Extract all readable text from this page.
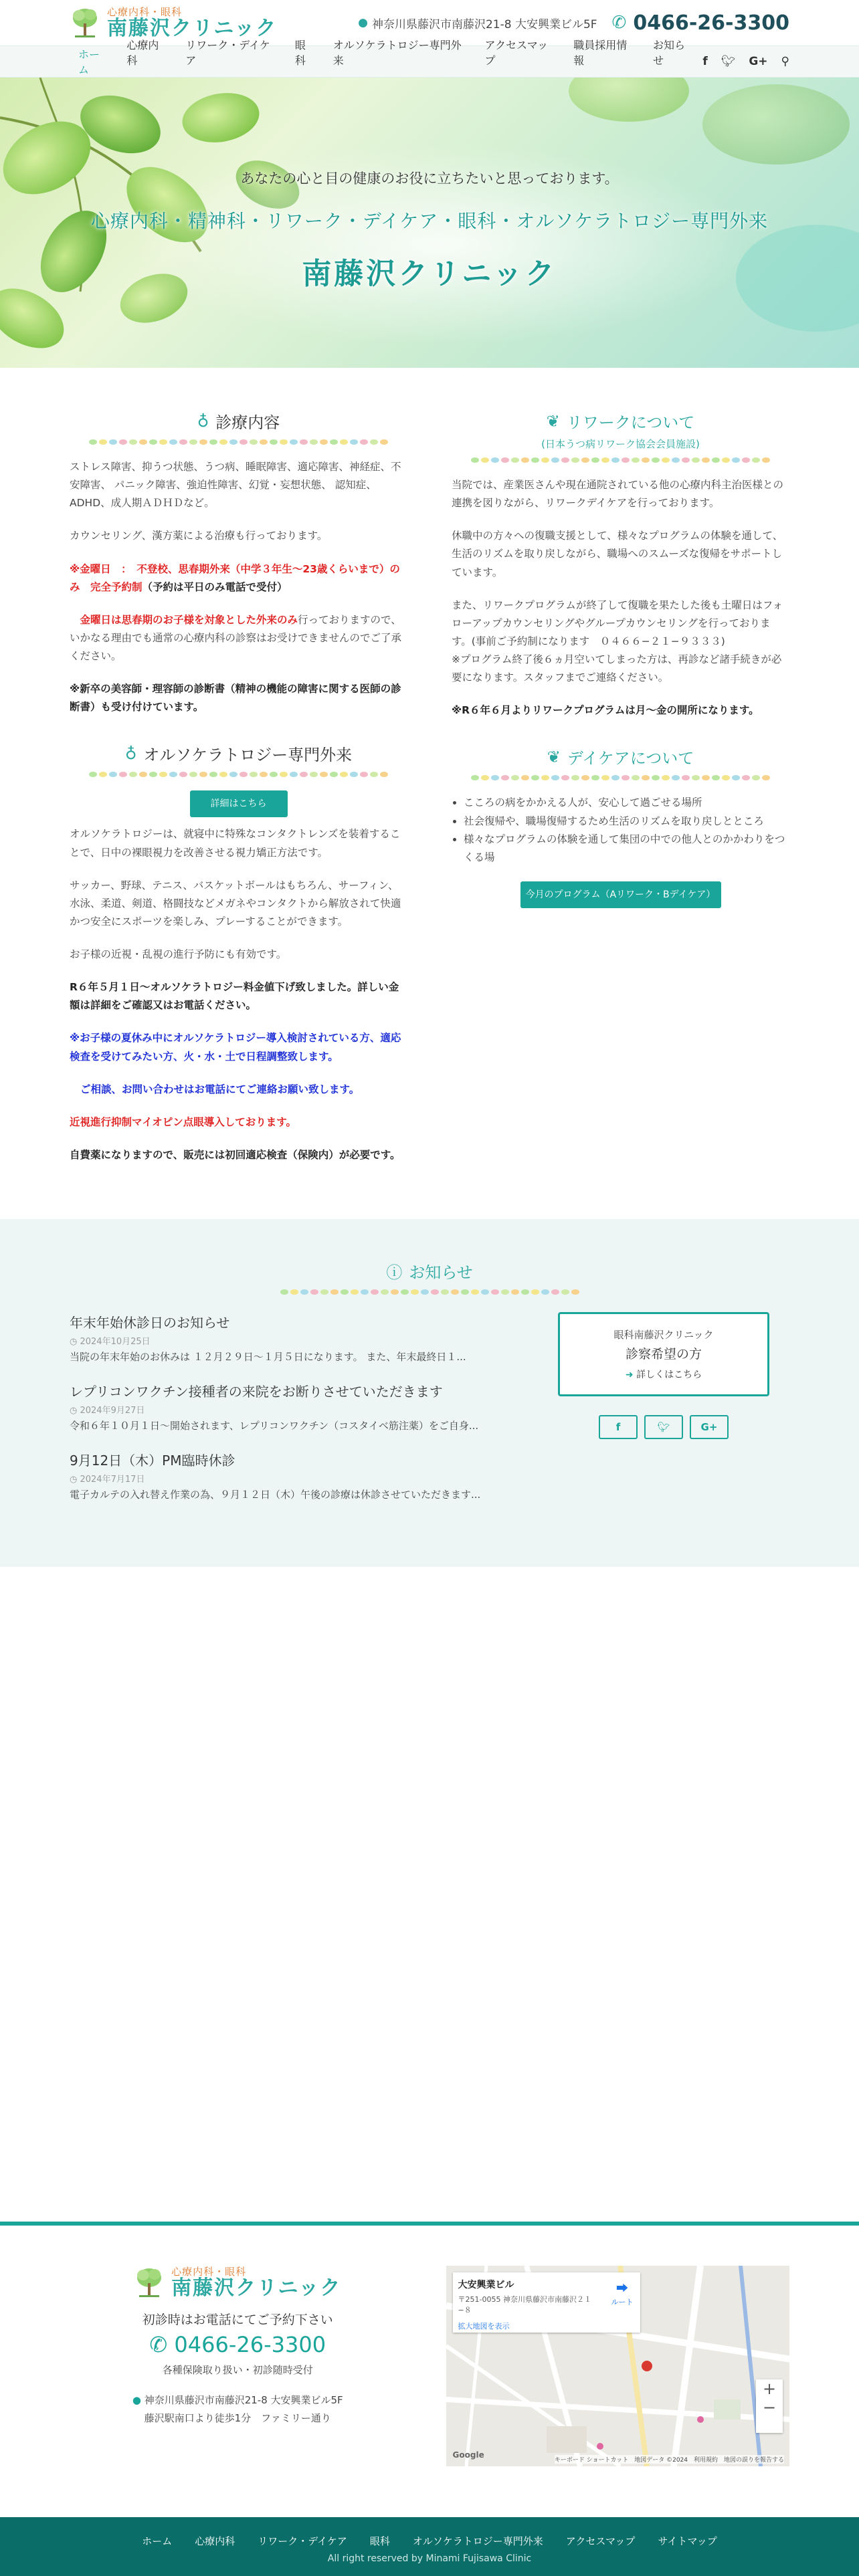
心療内科・眼科
南藤沢クリニック	● 神奈川県藤沢市南藤沢21-8 大安興業ビル5F ✆ 0466-26-3300
ホーム
心療内科
リワーク・デイケア
眼科
オルソケラトロジー専門外来
アクセスマップ
職員採用情報
お知らせ	f 🐦︎ G+ ⚲
あなたの心と目の健康のお役に立ちたいと思っております。
心療内科・精神科・リワーク・デイケア・眼科・オルソケラトロジー専門外来
南藤沢クリニック
♁ 診療内容

ストレス障害、抑うつ状態、うつ病、睡眠障害、適応障害、神経症、不安障害、 パニック障害、強迫性障害、幻覚・妄想状態、 認知症、ADHD、成人期ＡＤＨＤなど。

カウンセリング、漢方薬による治療も行っております。

※金曜日　：　不登校、思春期外来（中学３年生〜23歳くらいまで）のみ　完全予約制（予約は平日のみ電話で受付）

　金曜日は思春期のお子様を対象とした外来のみ行っておりますので、いかなる理由でも通常の心療内科の診察はお受けできませんのでご了承ください。

※新卒の美容師・理容師の診断書（精神の機能の障害に関する医師の診断書）も受け付けています。

♁ オルソケラトロジー専門外来
詳細はこちら

オルソケラトロジーは、就寝中に特殊なコンタクトレンズを装着することで、日中の裸眼視力を改善させる視力矯正方法です。

サッカー、野球、テニス、バスケットボールはもちろん、サーフィン、水泳、柔道、剣道、格闘技などメガネやコンタクトから解放されて快適かつ安全にスポーツを楽しみ、プレーすることができます。

お子様の近視・乱視の進行予防にも有効です。

R６年５月１日〜オルソケラトロジー料金値下げ致しました。詳しい金額は詳細をご確認又はお電話ください。

※お子様の夏休み中にオルソケラトロジー導入検討されている方、適応検査を受けてみたい方、火・水・土で日程調整致します。

ご相談、お問い合わせはお電話にてご連絡お願い致します。

近視進行抑制マイオピン点眼導入しております。

自費薬になりますので、販売には初回適応検査（保険内）が必要です。

❦ リワークについて
(日本うつ病リワーク協会会員施設)

当院では、産業医さんや現在通院されている他の心療内科主治医様との連携を図りながら、リワークデイケアを行っております。

休職中の方々への復職支援として、様々なプログラムの体験を通して、生活のリズムを取り戻しながら、職場へのスムーズな復帰をサポートしています。

また、リワークプログラムが終了して復職を果たした後も土曜日はフォローアップカウンセリングやグループカウンセリングを行っております。(事前ご予約制になります　０４６６−２１−９３３３)
※プログラム終了後６ヵ月空いてしまった方は、再診など諸手続きが必要になります。スタッフまでご連絡ください。

※R６年６月よりリワークプログラムは月〜金の開所になります。

❦ デイケアについて
• こころの病をかかえる人が、安心して過ごせる場所
• 社会復帰や、職場復帰するため生活のリズムを取り戻しとところ
• 様々なプログラムの体験を通して集団の中での他人とのかかわりをつくる場
今月のプログラム（Aリワーク・Bデイケア）
ⓘ お知らせ
年末年始休診日のお知らせ
◷ 2024年10月25日
当院の年末年始のお休みは １２月２９日〜１月５日になります。 また、年末最終日１...
レプリコンワクチン接種者の来院をお断りさせていただきます
◷ 2024年9月27日
令和６年１０月１日〜開始されます、レプリコンワクチン（コスタイベ筋注薬）をご自身...
9月12日（木）PM臨時休診
◷ 2024年7月17日
電子カルテの入れ替え作業の為、９月１２日（木）午後の診療は休診させていただきます...
眼科南藤沢クリニック
診察希望の方
➜ 詳しくはこちら
f	🐦︎	G+
心療内科・眼科
南藤沢クリニック
初診時はお電話にてご予約下さい
✆ 0466-26-3300
各種保険取り扱い・初診随時受付
● 神奈川県藤沢市南藤沢21-8 大安興業ビル5F
藤沢駅南口より徒歩1分　ファミリー通り
大安興業ビル
〒251-0055 神奈川県藤沢市南藤沢２１−８
拡大地図を表示
⮕
ルート
+
−
Google
キーボード ショートカット　地図データ ©2024　利用規約　地図の誤りを報告する
ホーム 心療内科 リワーク・デイケア 眼科 オルソケラトロジー専門外来 アクセスマップ サイトマップ
All right reserved by Minami Fujisawa Clinic
